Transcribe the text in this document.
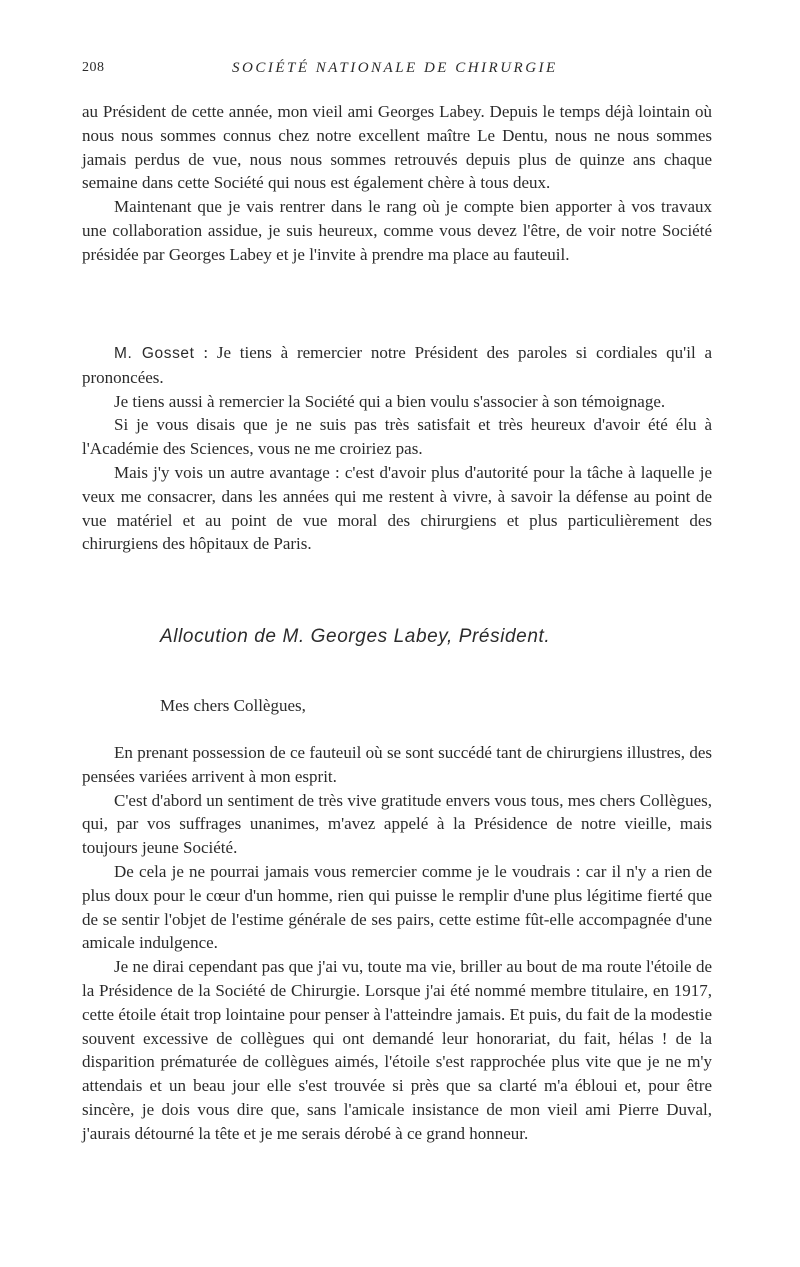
208	SOCIÉTÉ NATIONALE DE CHIRURGIE

au Président de cette année, mon vieil ami Georges Labey. Depuis le temps déjà lointain où nous nous sommes connus chez notre excellent maître Le Dentu, nous ne nous sommes jamais perdus de vue, nous nous sommes retrouvés depuis plus de quinze ans chaque semaine dans cette Société qui nous est également chère à tous deux.

Maintenant que je vais rentrer dans le rang où je compte bien apporter à vos travaux une collaboration assidue, je suis heureux, comme vous devez l'être, de voir notre Société présidée par Georges Labey et je l'invite à prendre ma place au fauteuil.

M. Gosset : Je tiens à remercier notre Président des paroles si cordiales qu'il a prononcées.

Je tiens aussi à remercier la Société qui a bien voulu s'associer à son témoignage.

Si je vous disais que je ne suis pas très satisfait et très heureux d'avoir été élu à l'Académie des Sciences, vous ne me croiriez pas.

Mais j'y vois un autre avantage : c'est d'avoir plus d'autorité pour la tâche à laquelle je veux me consacrer, dans les années qui me restent à vivre, à savoir la défense au point de vue matériel et au point de vue moral des chirurgiens et plus particulièrement des chirurgiens des hôpitaux de Paris.

Allocution de M. Georges Labey, Président.
Mes chers Collègues,

En prenant possession de ce fauteuil où se sont succédé tant de chirurgiens illustres, des pensées variées arrivent à mon esprit.

C'est d'abord un sentiment de très vive gratitude envers vous tous, mes chers Collègues, qui, par vos suffrages unanimes, m'avez appelé à la Présidence de notre vieille, mais toujours jeune Société.

De cela je ne pourrai jamais vous remercier comme je le voudrais : car il n'y a rien de plus doux pour le cœur d'un homme, rien qui puisse le remplir d'une plus légitime fierté que de se sentir l'objet de l'estime générale de ses pairs, cette estime fût-elle accompagnée d'une amicale indulgence.

Je ne dirai cependant pas que j'ai vu, toute ma vie, briller au bout de ma route l'étoile de la Présidence de la Société de Chirurgie. Lorsque j'ai été nommé membre titulaire, en 1917, cette étoile était trop lointaine pour penser à l'atteindre jamais. Et puis, du fait de la modestie souvent excessive de collègues qui ont demandé leur honorariat, du fait, hélas ! de la disparition prématurée de collègues aimés, l'étoile s'est rapprochée plus vite que je ne m'y attendais et un beau jour elle s'est trouvée si près que sa clarté m'a ébloui et, pour être sincère, je dois vous dire que, sans l'amicale insistance de mon vieil ami Pierre Duval, j'aurais détourné la tête et je me serais dérobé à ce grand honneur.
